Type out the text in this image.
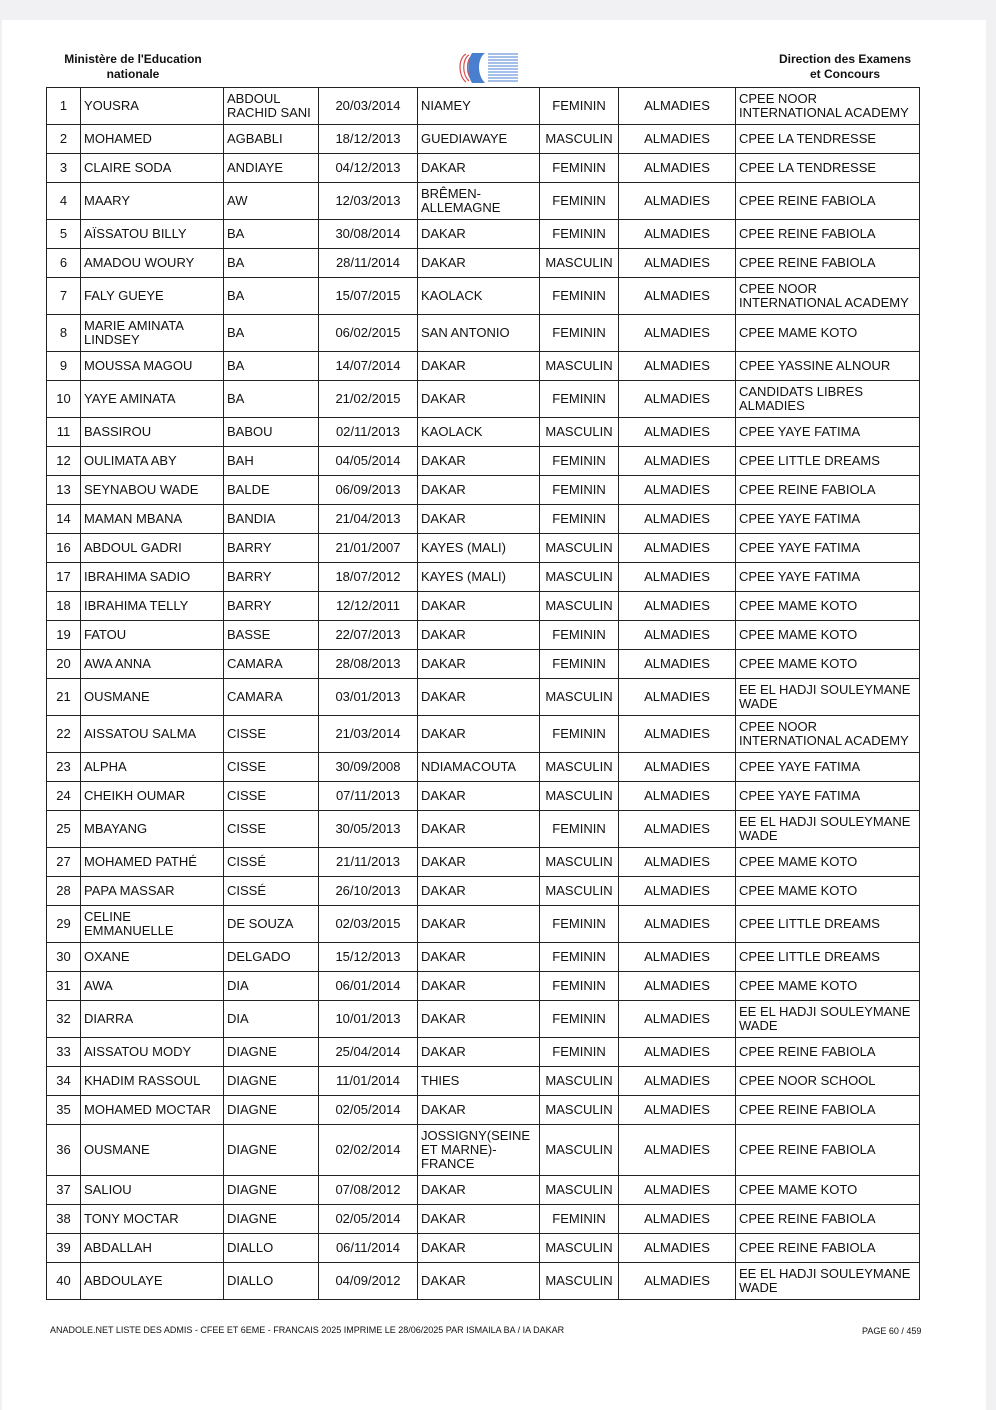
Ministère de l'Education
nationale
Direction des Examens
et Concours
1	YOUSRA	ABDOUL RACHID SANI	20/03/2014	NIAMEY	FEMININ	ALMADIES	CPEE NOOR INTERNATIONAL ACADEMY
2	MOHAMED	AGBABLI	18/12/2013	GUEDIAWAYE	MASCULIN	ALMADIES	CPEE LA TENDRESSE
3	CLAIRE SODA	ANDIAYE	04/12/2013	DAKAR	FEMININ	ALMADIES	CPEE LA TENDRESSE
4	MAARY	AW	12/03/2013	BRÊMEN-ALLEMAGNE	FEMININ	ALMADIES	CPEE REINE FABIOLA
5	AÏSSATOU BILLY	BA	30/08/2014	DAKAR	FEMININ	ALMADIES	CPEE REINE FABIOLA
6	AMADOU WOURY	BA	28/11/2014	DAKAR	MASCULIN	ALMADIES	CPEE REINE FABIOLA
7	FALY GUEYE	BA	15/07/2015	KAOLACK	FEMININ	ALMADIES	CPEE NOOR INTERNATIONAL ACADEMY
8	MARIE AMINATA LINDSEY	BA	06/02/2015	SAN ANTONIO	FEMININ	ALMADIES	CPEE MAME KOTO
9	MOUSSA MAGOU	BA	14/07/2014	DAKAR	MASCULIN	ALMADIES	CPEE YASSINE ALNOUR
10	YAYE AMINATA	BA	21/02/2015	DAKAR	FEMININ	ALMADIES	CANDIDATS LIBRES ALMADIES
11	BASSIROU	BABOU	02/11/2013	KAOLACK	MASCULIN	ALMADIES	CPEE YAYE FATIMA
12	OULIMATA ABY	BAH	04/05/2014	DAKAR	FEMININ	ALMADIES	CPEE LITTLE DREAMS
13	SEYNABOU WADE	BALDE	06/09/2013	DAKAR	FEMININ	ALMADIES	CPEE REINE FABIOLA
14	MAMAN MBANA	BANDIA	21/04/2013	DAKAR	FEMININ	ALMADIES	CPEE YAYE FATIMA
16	ABDOUL GADRI	BARRY	21/01/2007	KAYES (MALI)	MASCULIN	ALMADIES	CPEE YAYE FATIMA
17	IBRAHIMA SADIO	BARRY	18/07/2012	KAYES (MALI)	MASCULIN	ALMADIES	CPEE YAYE FATIMA
18	IBRAHIMA TELLY	BARRY	12/12/2011	DAKAR	MASCULIN	ALMADIES	CPEE MAME KOTO
19	FATOU	BASSE	22/07/2013	DAKAR	FEMININ	ALMADIES	CPEE MAME KOTO
20	AWA ANNA	CAMARA	28/08/2013	DAKAR	FEMININ	ALMADIES	CPEE MAME KOTO
21	OUSMANE	CAMARA	03/01/2013	DAKAR	MASCULIN	ALMADIES	EE EL HADJI SOULEYMANE WADE
22	AISSATOU SALMA	CISSE	21/03/2014	DAKAR	FEMININ	ALMADIES	CPEE NOOR INTERNATIONAL ACADEMY
23	ALPHA	CISSE	30/09/2008	NDIAMACOUTA	MASCULIN	ALMADIES	CPEE YAYE FATIMA
24	CHEIKH OUMAR	CISSE	07/11/2013	DAKAR	MASCULIN	ALMADIES	CPEE YAYE FATIMA
25	MBAYANG	CISSE	30/05/2013	DAKAR	FEMININ	ALMADIES	EE EL HADJI SOULEYMANE WADE
27	MOHAMED PATHÉ	CISSÉ	21/11/2013	DAKAR	MASCULIN	ALMADIES	CPEE MAME KOTO
28	PAPA MASSAR	CISSÉ	26/10/2013	DAKAR	MASCULIN	ALMADIES	CPEE MAME KOTO
29	CELINE EMMANUELLE	DE SOUZA	02/03/2015	DAKAR	FEMININ	ALMADIES	CPEE LITTLE DREAMS
30	OXANE	DELGADO	15/12/2013	DAKAR	FEMININ	ALMADIES	CPEE LITTLE DREAMS
31	AWA	DIA	06/01/2014	DAKAR	FEMININ	ALMADIES	CPEE MAME KOTO
32	DIARRA	DIA	10/01/2013	DAKAR	FEMININ	ALMADIES	EE EL HADJI SOULEYMANE WADE
33	AISSATOU MODY	DIAGNE	25/04/2014	DAKAR	FEMININ	ALMADIES	CPEE REINE FABIOLA
34	KHADIM RASSOUL	DIAGNE	11/01/2014	THIES	MASCULIN	ALMADIES	CPEE NOOR SCHOOL
35	MOHAMED MOCTAR	DIAGNE	02/05/2014	DAKAR	MASCULIN	ALMADIES	CPEE REINE FABIOLA
36	OUSMANE	DIAGNE	02/02/2014	JOSSIGNY(SEINE ET MARNE)-FRANCE	MASCULIN	ALMADIES	CPEE REINE FABIOLA
37	SALIOU	DIAGNE	07/08/2012	DAKAR	MASCULIN	ALMADIES	CPEE MAME KOTO
38	TONY MOCTAR	DIAGNE	02/05/2014	DAKAR	FEMININ	ALMADIES	CPEE REINE FABIOLA
39	ABDALLAH	DIALLO	06/11/2014	DAKAR	MASCULIN	ALMADIES	CPEE REINE FABIOLA
40	ABDOULAYE	DIALLO	04/09/2012	DAKAR	MASCULIN	ALMADIES	EE EL HADJI SOULEYMANE WADE
ANADOLE.NET LISTE DES ADMIS - CFEE ET 6EME - FRANCAIS 2025 IMPRIME LE 28/06/2025 PAR ISMAILA BA / IA DAKAR	PAGE 60 / 459
